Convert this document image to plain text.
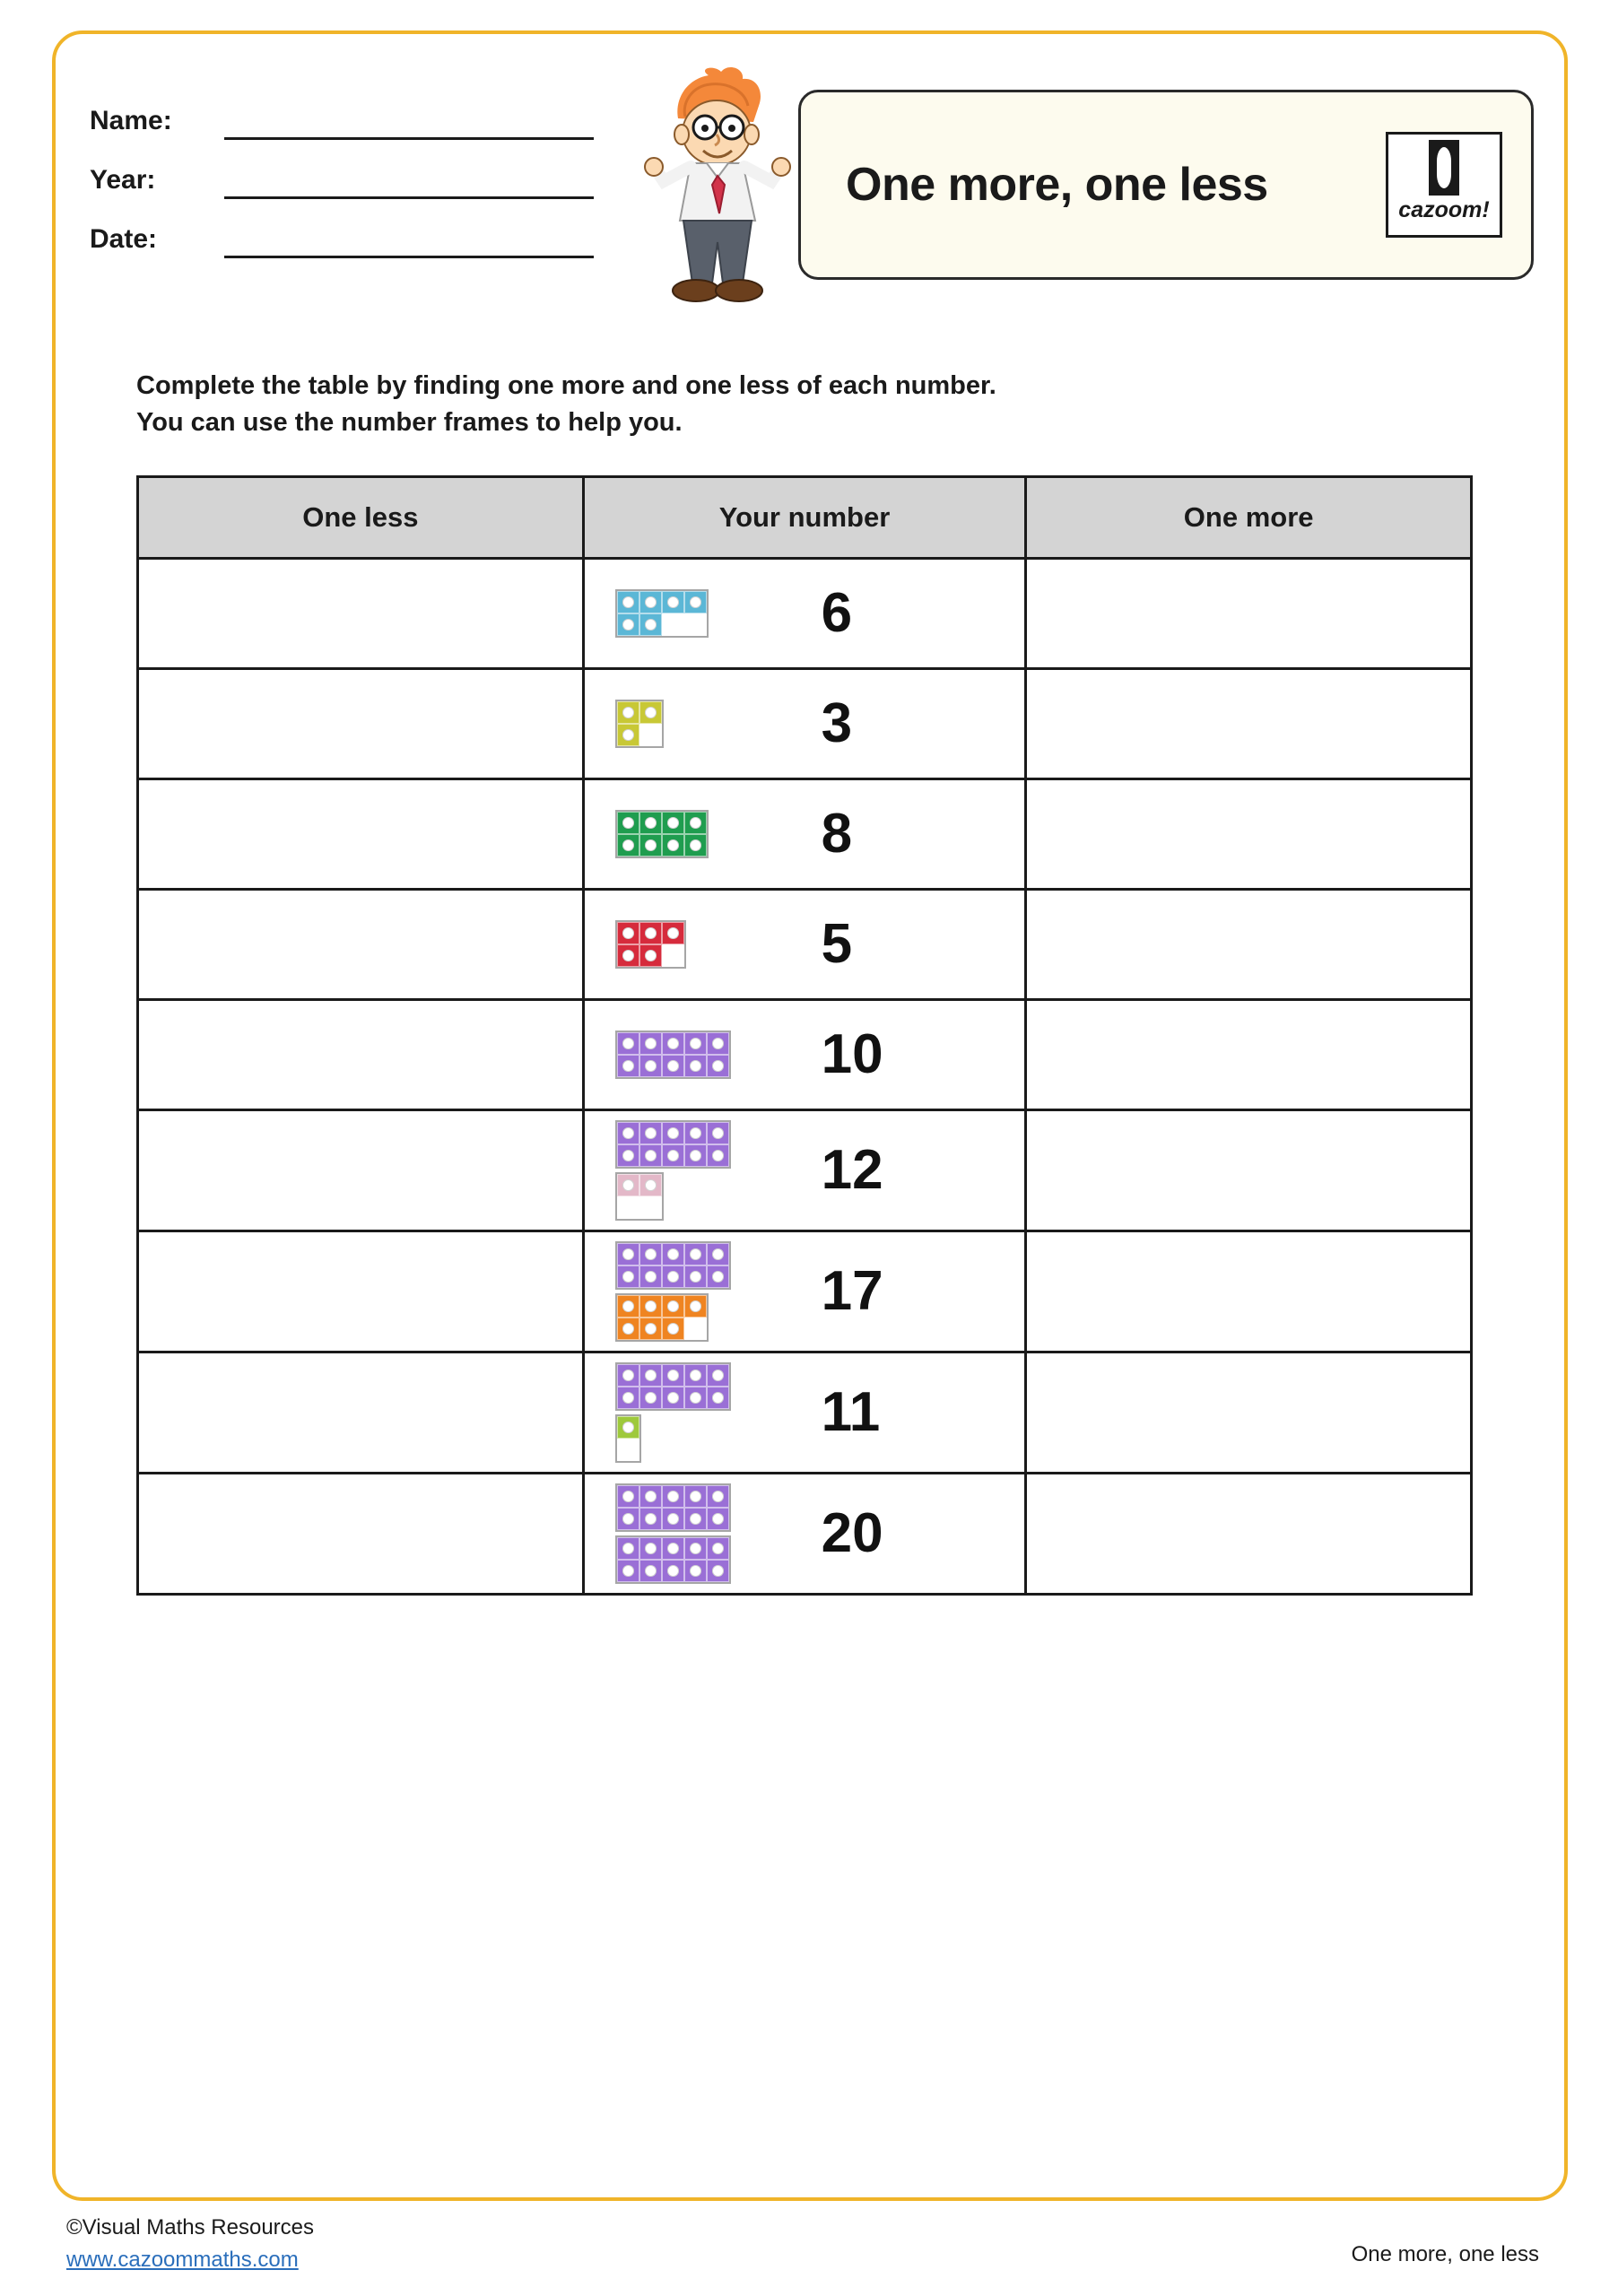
Name:
Year:
Date:
One more, one less	cazoom!
Complete the table by finding one more and one less of each number.
You can use the number frames to help you.
One less	Your number	One more

	6	

	3	

	8	

	5	

	10	

	12	

	17	

	11	

	20	

©Visual Maths Resources
www.cazoommaths.com	One more, one less
